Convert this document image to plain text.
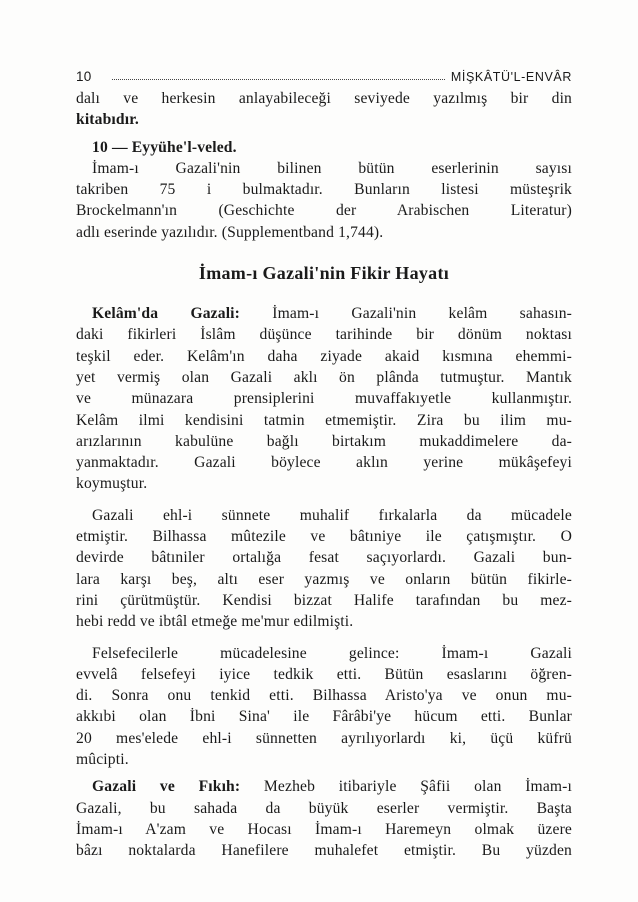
10	MİŞKÂTÜ'L-ENVÂR
dalı ve herkesin anlayabileceği seviyede yazılmış bir din
kitabıdır.
10 — Eyyühe'l-veled.
İmam-ı Gazali'nin bilinen bütün eserlerinin sayısı
takriben 75 i bulmaktadır. Bunların listesi müsteşrik
Brockelmann'ın (Geschichte der Arabischen Literatur)
adlı eserinde yazılıdır. (Supplementband 1,744).
İmam-ı Gazali'nin Fikir Hayatı
Kelâm'da Gazali: İmam-ı Gazali'nin kelâm sahasın-
daki fikirleri İslâm düşünce tarihinde bir dönüm noktası
teşkil eder. Kelâm'ın daha ziyade akaid kısmına ehemmi-
yet vermiş olan Gazali aklı ön plânda tutmuştur. Mantık
ve münazara prensiplerini muvaffakıyetle kullanmıştır.
Kelâm ilmi kendisini tatmin etmemiştir. Zira bu ilim mu-
arızlarının kabulüne bağlı birtakım mukaddimelere da-
yanmaktadır. Gazali böylece aklın yerine mükâşefeyi
koymuştur.
Gazali ehl-i sünnete muhalif fırkalarla da mücadele
etmiştir. Bilhassa mûtezile ve bâtıniye ile çatışmıştır. O
devirde bâtıniler ortalığa fesat saçıyorlardı. Gazali bun-
lara karşı beş, altı eser yazmış ve onların bütün fikirle-
rini çürütmüştür. Kendisi bizzat Halife tarafından bu mez-
hebi redd ve ibtâl etmeğe me'mur edilmişti.
Felsefecilerle mücadelesine gelince: İmam-ı Gazali
evvelâ felsefeyi iyice tedkik etti. Bütün esaslarını öğren-
di. Sonra onu tenkid etti. Bilhassa Aristo'ya ve onun mu-
akkıbi olan İbni Sina' ile Fârâbi'ye hücum etti. Bunlar
20 mes'elede ehl-i sünnetten ayrılıyorlardı ki, üçü küfrü
mûcipti.
Gazali ve Fıkıh: Mezheb itibariyle Şâfii olan İmam-ı
Gazali, bu sahada da büyük eserler vermiştir. Başta
İmam-ı A'zam ve Hocası İmam-ı Haremeyn olmak üzere
bâzı noktalarda Hanefilere muhalefet etmiştir. Bu yüzden
